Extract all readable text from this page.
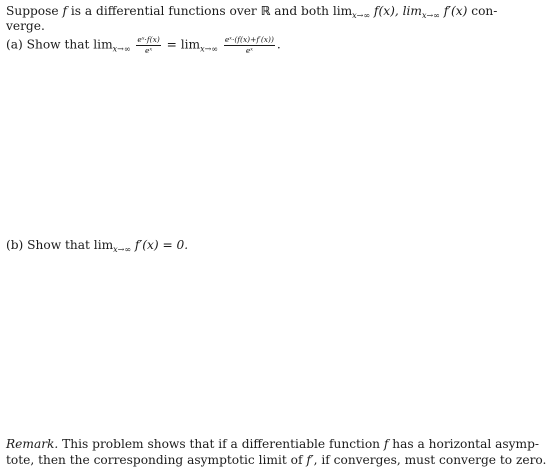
Suppose f is a differential functions over ℝ and both $\lim_{x\to\infty} f(x)$, $\lim_{x\to\infty} f'(x)$ con-
verge.
(a) Show that $\lim_{x\to\infty} \frac{\text{eˣ·f(x)}}{\text{eˣ}} = \lim_{x\to\infty} \frac{\text{eˣ·(f(x)+f′(x))}}{\text{eˣ}}$ .
(b) Show that $\lim_{x\to\infty} f'(x) = 0$.
Remark. This problem shows that if a differentiable function f has a horizontal asymp-
tote, then the corresponding asymptotic limit of f′, if converges, must converge to zero.
